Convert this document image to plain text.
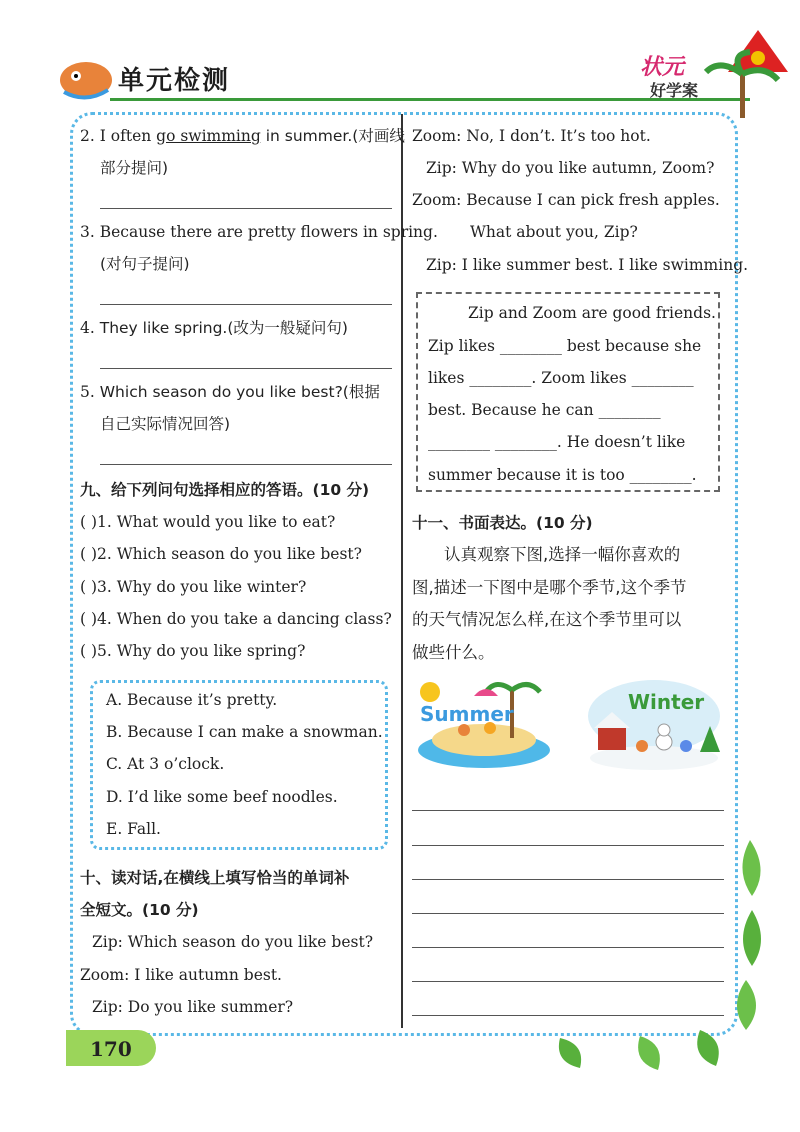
单元检测	状元
好学案
2. I often go swimming in summer.(对画线
部分提问)
3. Because there are pretty flowers in spring.
(对句子提问)
4. They like spring.(改为一般疑问句)
5. Which season do you like best?(根据
自己实际情况回答)
九、给下列问句选择相应的答语。(10 分)
( )1. What would you like to eat?
( )2. Which season do you like best?
( )3. Why do you like winter?
( )4. When do you take a dancing class?
( )5. Why do you like spring?
A. Because it’s pretty.
B. Because I can make a snowman.
C. At 3 o’clock.
D. I’d like some beef noodles.
E. Fall.
十、读对话,在横线上填写恰当的单词补
全短文。(10 分)
Zip: Which season do you like best?
Zoom: I like autumn best.
Zip: Do you like summer?
Zoom: No, I don’t. It’s too hot.
Zip: Why do you like autumn, Zoom?
Zoom: Because I can pick fresh apples.
What about you, Zip?
Zip: I like summer best. I like swimming.
Zip and Zoom are good friends.
Zip likes ________ best because she
likes ________. Zoom likes ________
best. Because he can ________
________ ________. He doesn’t like
summer because it is too ________.
十一、书面表达。(10 分)
认真观察下图,选择一幅你喜欢的
图,描述一下图中是哪个季节,这个季节
的天气情况怎么样,在这个季节里可以
做些什么。
Summer	Winter
170
